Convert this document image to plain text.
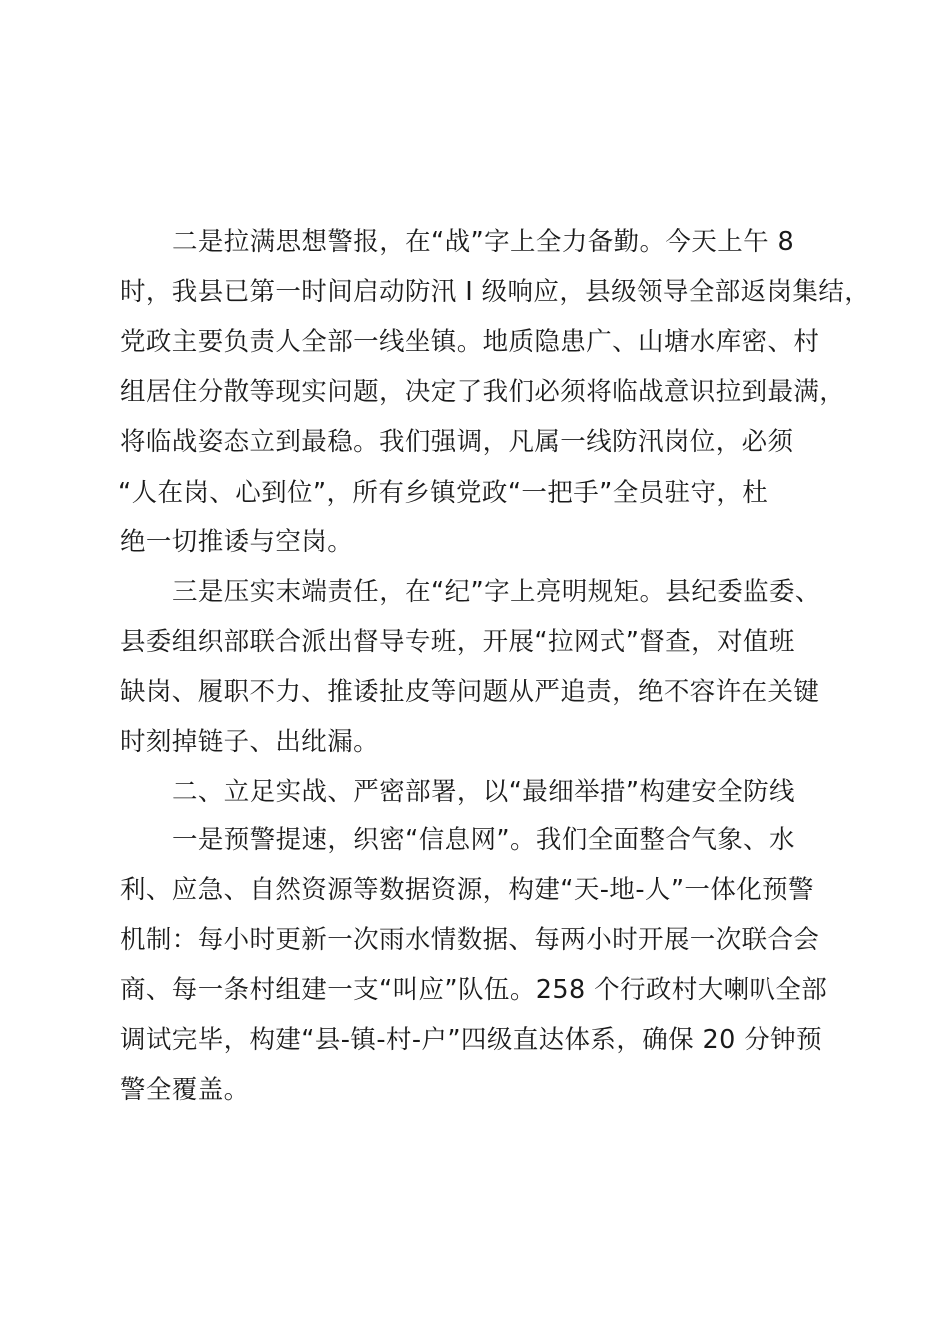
二是拉满思想警报，在“战”字上全力备勤。今天上午 8
时，我县已第一时间启动防汛 I 级响应，县级领导全部返岗集结，
党政主要负责人全部一线坐镇。地质隐患广、山塘水库密、村
组居住分散等现实问题，决定了我们必须将临战意识拉到最满，
将临战姿态立到最稳。我们强调，凡属一线防汛岗位，必须
“人在岗、心到位”，所有乡镇党政“一把手”全员驻守，杜
绝一切推诿与空岗。
三是压实末端责任，在“纪”字上亮明规矩。县纪委监委、
县委组织部联合派出督导专班，开展“拉网式”督查，对值班
缺岗、履职不力、推诿扯皮等问题从严追责，绝不容许在关键
时刻掉链子、出纰漏。
二、立足实战、严密部署，以“最细举措”构建安全防线
一是预警提速，织密“信息网”。我们全面整合气象、水
利、应急、自然资源等数据资源，构建“天-地-人”一体化预警
机制：每小时更新一次雨水情数据、每两小时开展一次联合会
商、每一条村组建一支“叫应”队伍。258 个行政村大喇叭全部
调试完毕，构建“县-镇-村-户”四级直达体系，确保 20 分钟预
警全覆盖。
